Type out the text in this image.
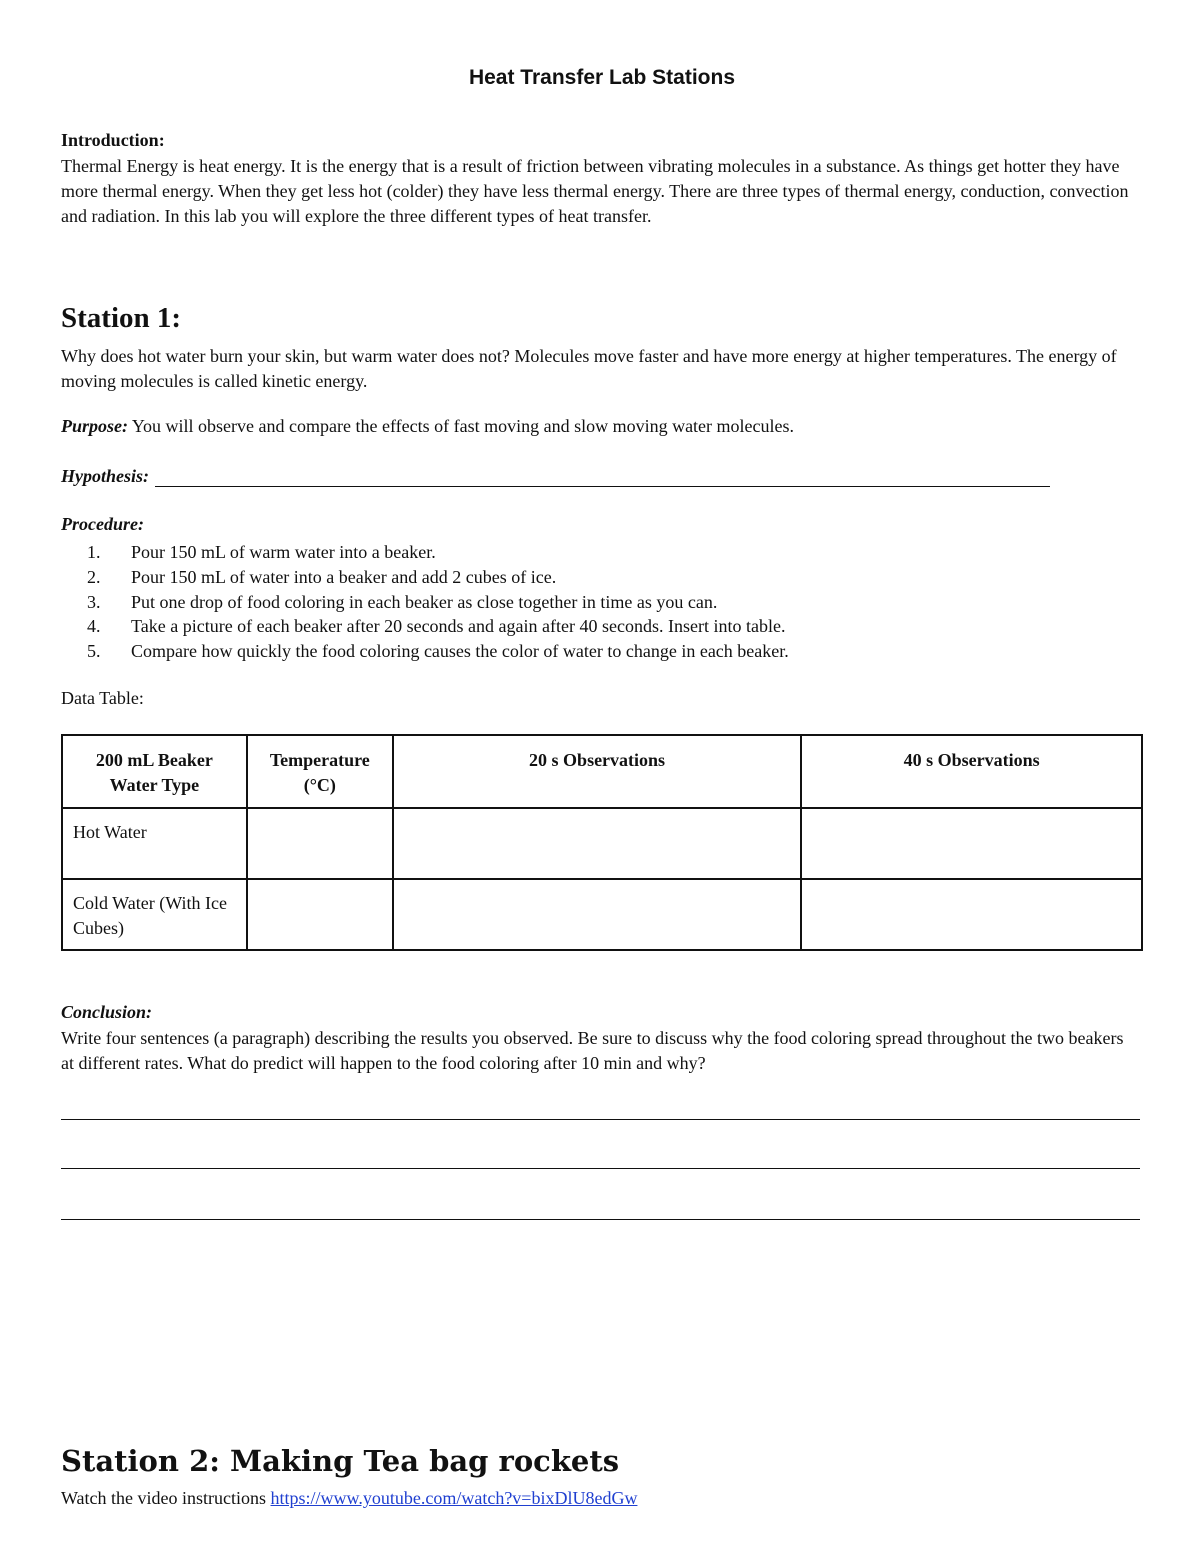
Heat Transfer Lab Stations
Introduction:
Thermal Energy is heat energy. It is the energy that is a result of friction between vibrating molecules in a substance. As things get hotter they have more thermal energy. When they get less hot (colder) they have less thermal energy. There are three types of thermal energy, conduction, convection and radiation. In this lab you will explore the three different types of heat transfer.
Station 1:
Why does hot water burn your skin, but warm water does not? Molecules move faster and have more energy at higher temperatures. The energy of moving molecules is called kinetic energy.
Purpose: You will observe and compare the effects of fast moving and slow moving water molecules.
Hypothesis:
Procedure:
1.	Pour 150 mL of warm water into a beaker.
2.	Pour 150 mL of water into a beaker and add 2 cubes of ice.
3.	Put one drop of food coloring in each beaker as close together in time as you can.
4.	Take a picture of each beaker after 20 seconds and again after 40 seconds. Insert into table.
5.	Compare how quickly the food coloring causes the color of water to change in each beaker.
Data Table:
200 mL Beaker Water Type	Temperature (°C)	20 s Observations	40 s Observations
Hot Water			
Cold Water (With Ice Cubes)			
Conclusion:
Write four sentences (a paragraph) describing the results you observed. Be sure to discuss why the food coloring spread throughout the two beakers at different rates. What do predict will happen to the food coloring after 10 min and why?
Station 2: Making Tea bag rockets
Watch the video instructions https://www.youtube.com/watch?v=bixDlU8edGw
